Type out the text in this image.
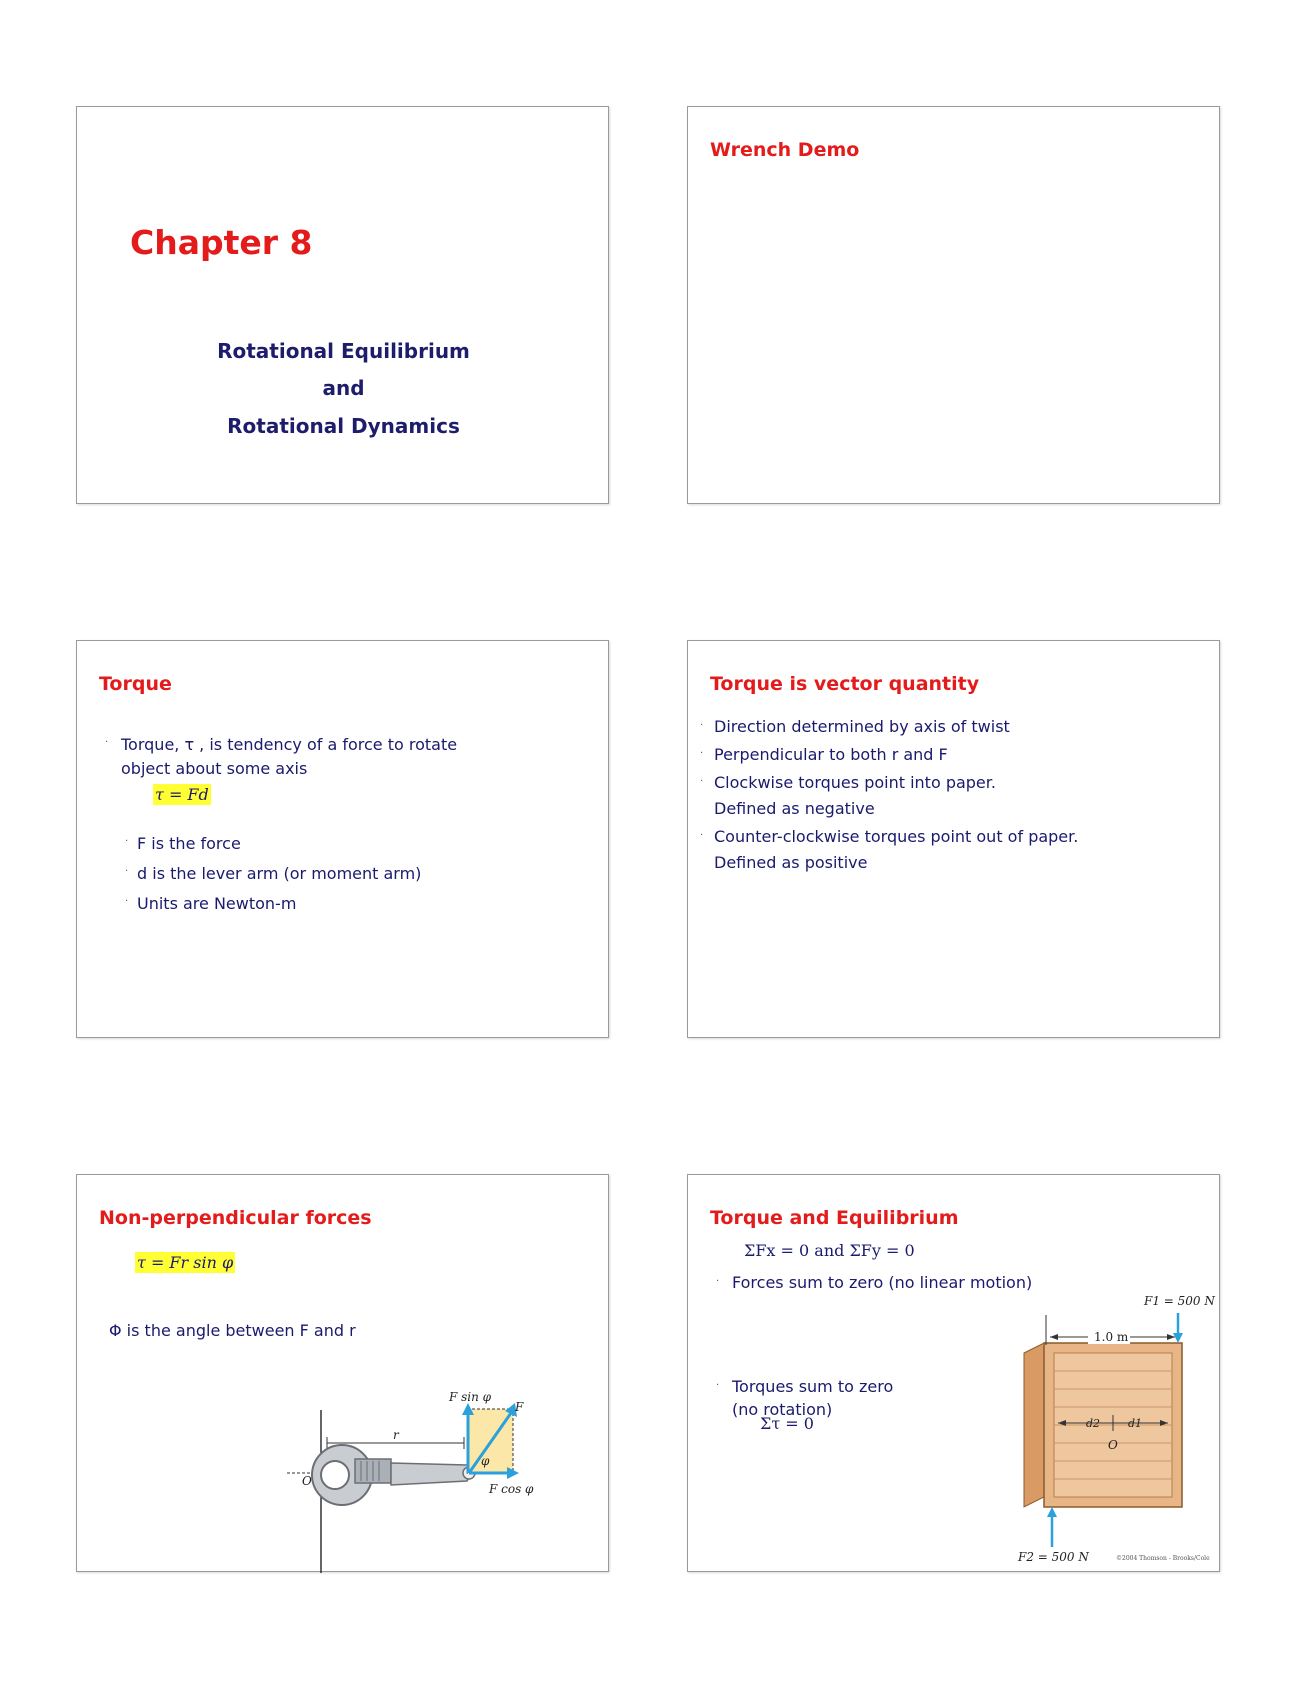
Chapter 8
Rotational Equilibrium
and
Rotational Dynamics
Wrench Demo
Torque
· Torque, τ , is tendency of a force to rotate
object about some axis
τ = Fd
· F is the force
· d is the lever arm (or moment arm)
· Units are Newton-m
Torque is vector quantity
· Direction determined by axis of twist
· Perpendicular to both r and F
· Clockwise torques point into paper.
Defined as negative
· Counter-clockwise torques point out of paper.
Defined as positive
Non-perpendicular forces
τ = Fr sin φ
Φ is the angle between F and r
F sin φ
F
r
O
φ
F cos φ
Torque and Equilibrium
ΣFx = 0 and ΣFy = 0
· Forces sum to zero (no linear motion)
· Torques sum to zero
(no rotation)
Στ = 0
1.0 m
F1 = 500 N
d2	d1
O
F2 = 500 N	©2004 Thomson - Brooks/Cole
